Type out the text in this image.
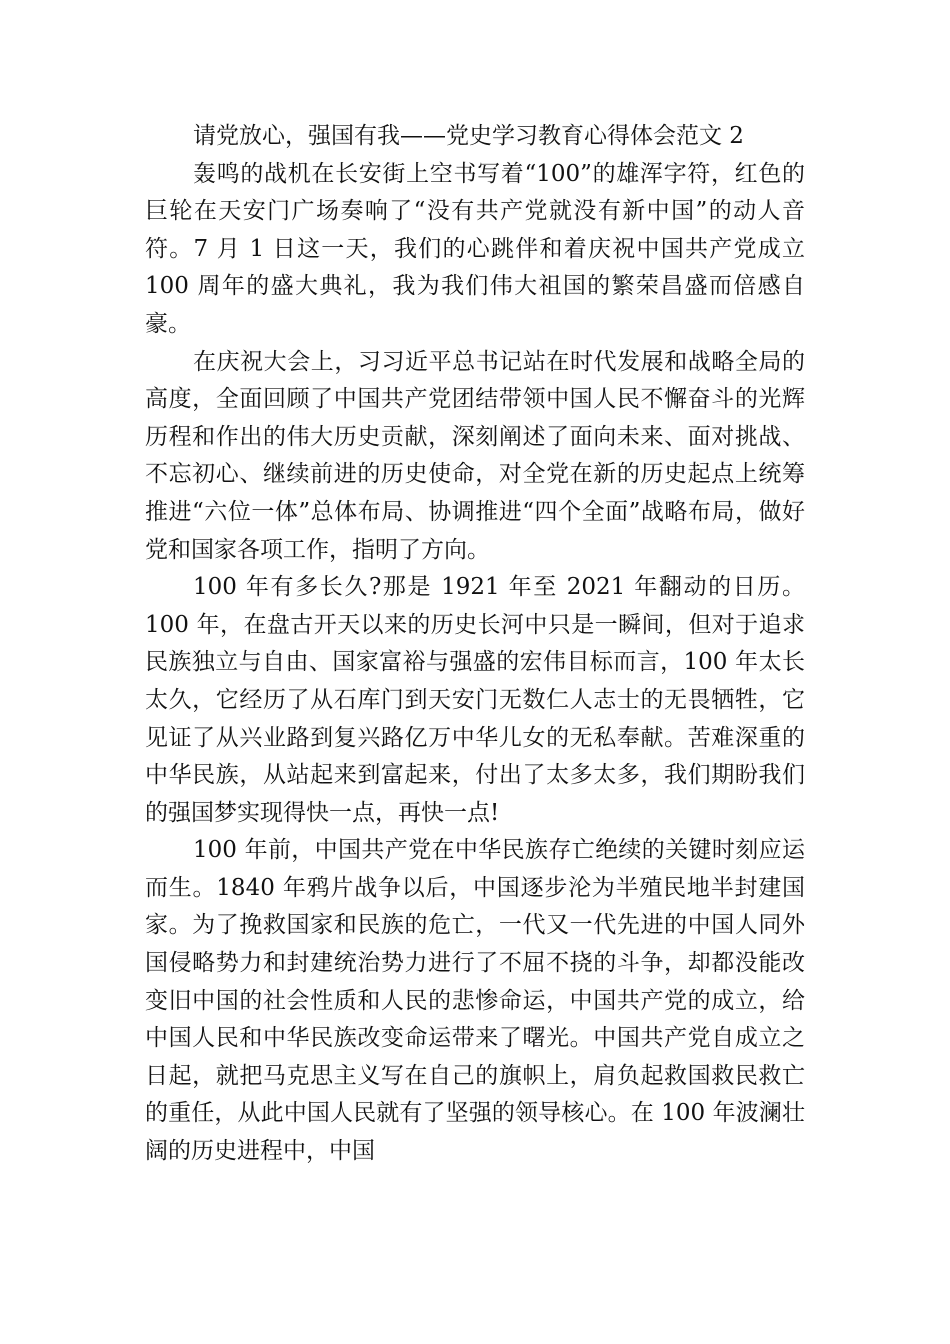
请党放心，强国有我——党史学习教育心得体会范文 2

轰鸣的战机在长安街上空书写着“100”的雄浑字符，红色的巨轮在天安门广场奏响了“没有共产党就没有新中国”的动人音符。7 月 1 日这一天，我们的心跳伴和着庆祝中国共产党成立 100 周年的盛大典礼，我为我们伟大祖国的繁荣昌盛而倍感自豪。

在庆祝大会上，习习近平总书记站在时代发展和战略全局的高度，全面回顾了中国共产党团结带领中国人民不懈奋斗的光辉历程和作出的伟大历史贡献，深刻阐述了面向未来、面对挑战、不忘初心、继续前进的历史使命，对全党在新的历史起点上统筹推进“六位一体”总体布局、协调推进“四个全面”战略布局，做好党和国家各项工作，指明了方向。

100 年有多长久?那是 1921 年至 2021 年翻动的日历。100 年，在盘古开天以来的历史长河中只是一瞬间，但对于追求民族独立与自由、国家富裕与强盛的宏伟目标而言，100 年太长太久，它经历了从石库门到天安门无数仁人志士的无畏牺牲，它见证了从兴业路到复兴路亿万中华儿女的无私奉献。苦难深重的中华民族，从站起来到富起来，付出了太多太多，我们期盼我们的强国梦实现得快一点，再快一点!

100 年前，中国共产党在中华民族存亡绝续的关键时刻应运而生。1840 年鸦片战争以后，中国逐步沦为半殖民地半封建国家。为了挽救国家和民族的危亡，一代又一代先进的中国人同外国侵略势力和封建统治势力进行了不屈不挠的斗争，却都没能改变旧中国的社会性质和人民的悲惨命运，中国共产党的成立，给中国人民和中华民族改变命运带来了曙光。中国共产党自成立之日起，就把马克思主义写在自己的旗帜上，肩负起救国救民救亡的重任，从此中国人民就有了坚强的领导核心。在 100 年波澜壮阔的历史进程中，中国
